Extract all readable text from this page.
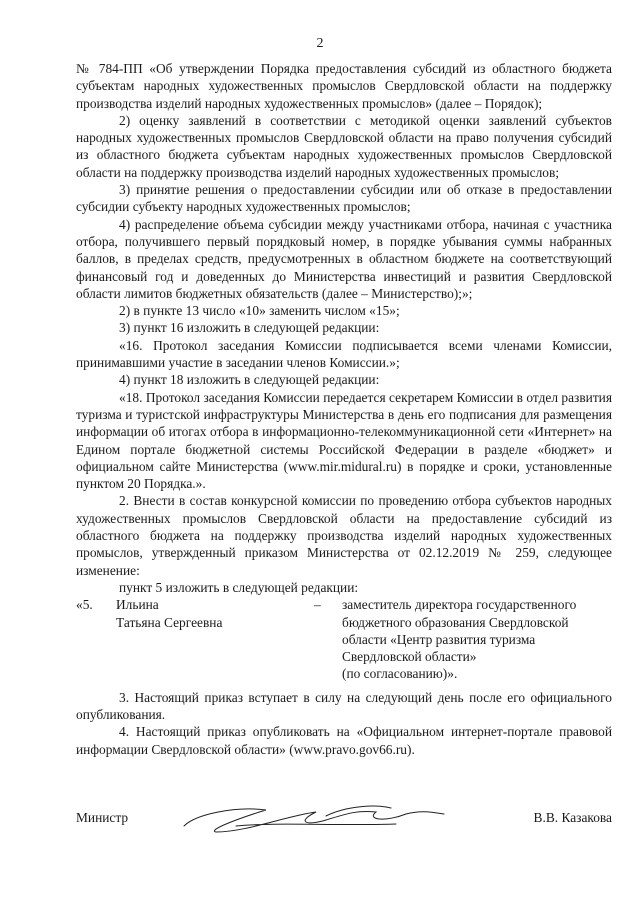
2

№ 784-ПП «Об утверждении Порядка предоставления субсидий из областного бюджета субъектам народных художественных промыслов Свердловской области на поддержку производства изделий народных художественных промыслов» (далее – Порядок);

2) оценку заявлений в соответствии с методикой оценки заявлений субъектов народных художественных промыслов Свердловской области на право получения субсидий из областного бюджета субъектам народных художественных промыслов Свердловской области на поддержку производства изделий народных художественных промыслов;

3) принятие решения о предоставлении субсидии или об отказе в предоставлении субсидии субъекту народных художественных промыслов;

4) распределение объема субсидии между участниками отбора, начиная с участника отбора, получившего первый порядковый номер, в порядке убывания суммы набранных баллов, в пределах средств, предусмотренных в областном бюджете на соответствующий финансовый год и доведенных до Министерства инвестиций и развития Свердловской области лимитов бюджетных обязательств (далее – Министерство);»;

2) в пункте 13 число «10» заменить числом «15»;

3) пункт 16 изложить в следующей редакции:

«16. Протокол заседания Комиссии подписывается всеми членами Комиссии, принимавшими участие в заседании членов Комиссии.»;

4) пункт 18 изложить в следующей редакции:

«18. Протокол заседания Комиссии передается секретарем Комиссии в отдел развития туризма и туристской инфраструктуры Министерства в день его подписания для размещения информации об итогах отбора в информационно-телекоммуникационной сети «Интернет» на Едином портале бюджетной системы Российской Федерации в разделе «бюджет» и официальном сайте Министерства (www.mir.midural.ru) в порядке и сроки, установленные пунктом 20 Порядка.».

2. Внести в состав конкурсной комиссии по проведению отбора субъектов народных художественных промыслов Свердловской области на предоставление субсидий из областного бюджета на поддержку производства изделий народных художественных промыслов, утвержденный приказом Министерства от 02.12.2019 № 259, следующее изменение:

пункт 5 изложить в следующей редакции:

«5.	Ильина
Татьяна Сергеевна
–	заместитель директора государственного бюджетного образования Свердловской области «Центр развития туризма Свердловской области»
(по согласованию)».

3. Настоящий приказ вступает в силу на следующий день после его официального опубликования.

4. Настоящий приказ опубликовать на «Официальном интернет-портале правовой информации Свердловской области» (www.pravo.gov66.ru).

Министр	В.В. Казакова
